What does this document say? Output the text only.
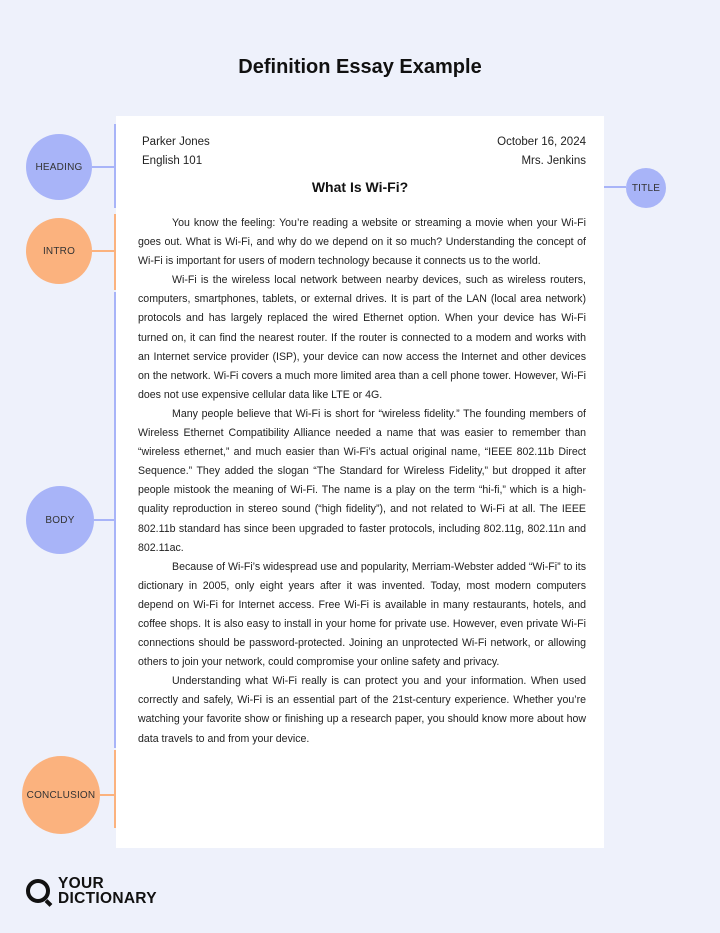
Definition Essay Example
HEADING
INTRO
BODY
CONCLUSION
TITLE
Parker Jones
English 101
October 16, 2024
Mrs. Jenkins
What Is Wi-Fi?

You know the feeling: You’re reading a website or streaming a movie when your Wi-Fi goes out. What is Wi-Fi, and why do we depend on it so much? Understanding the concept of Wi-Fi is important for users of modern technology because it connects us to the world.

Wi-Fi is the wireless local network between nearby devices, such as wireless routers, computers, smartphones, tablets, or external drives. It is part of the LAN (local area network) protocols and has largely replaced the wired Ethernet option. When your device has Wi-Fi turned on, it can find the nearest router. If the router is connected to a modem and works with an Internet service provider (ISP), your device can now access the Internet and other devices on the network. Wi-Fi covers a much more limited area than a cell phone tower. However, Wi-Fi does not use expensive cellular data like LTE or 4G.

Many people believe that Wi-Fi is short for “wireless fidelity.” The founding members of Wireless Ethernet Compatibility Alliance needed a name that was easier to remember than “wireless ethernet,” and much easier than Wi-Fi’s actual original name, “IEEE 802.11b Direct Sequence.” They added the slogan “The Standard for Wireless Fidelity,” but dropped it after people mistook the meaning of Wi-Fi. The name is a play on the term “hi-fi,” which is a high-quality reproduction in stereo sound (“high fidelity”), and not related to Wi-Fi at all. The IEEE 802.11b standard has since been upgraded to faster protocols, including 802.11g, 802.11n and 802.11ac.

Because of Wi-Fi’s widespread use and popularity, Merriam-Webster added “Wi-Fi” to its dictionary in 2005, only eight years after it was invented. Today, most modern computers depend on Wi-Fi for Internet access. Free Wi-Fi is available in many restaurants, hotels, and coffee shops. It is also easy to install in your home for private use. However, even private Wi-Fi connections should be password-protected. Joining an unprotected Wi-Fi network, or allowing others to join your network, could compromise your online safety and privacy.

Understanding what Wi-Fi really is can protect you and your information. When used correctly and safely, Wi-Fi is an essential part of the 21st-century experience. Whether you’re watching your favorite show or finishing up a research paper, you should know more about how data travels to and from your device.

YOUR
DICTIONARY
